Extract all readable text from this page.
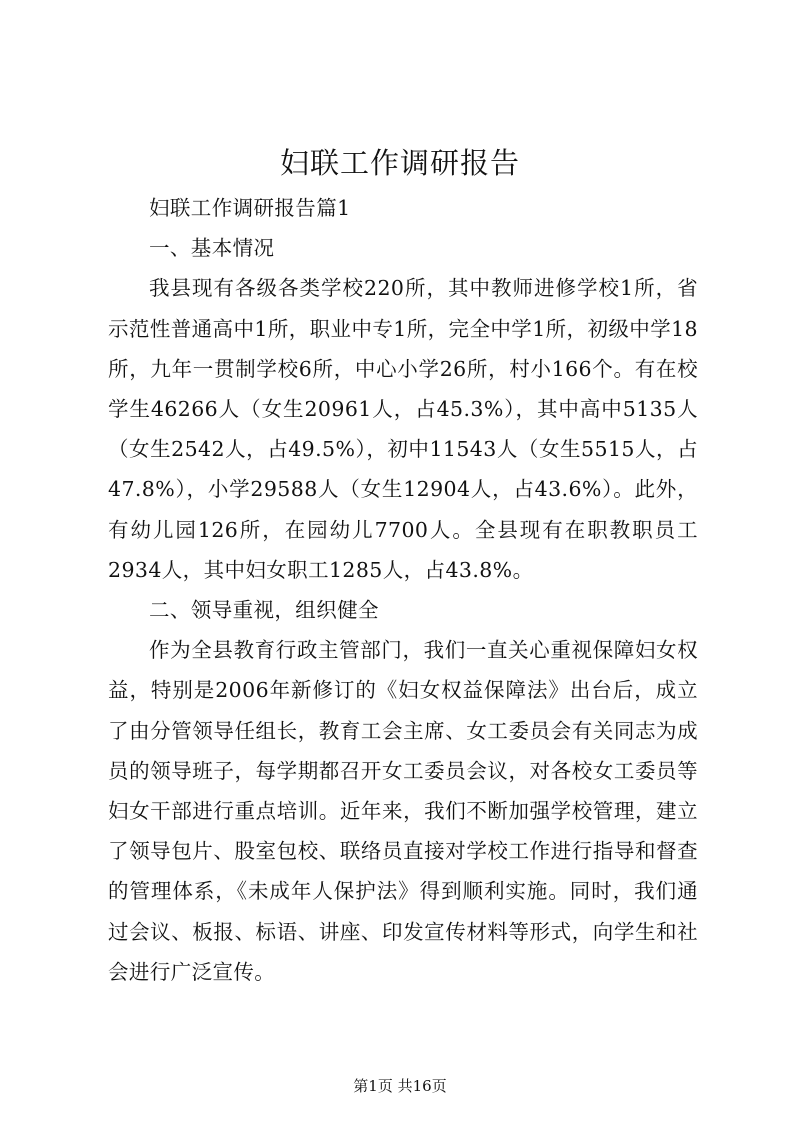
妇联工作调研报告

妇联工作调研报告篇1

一、基本情况

我县现有各级各类学校220所，其中教师进修学校1所，省示范性普通高中1所，职业中专1所，完全中学1所，初级中学18所，九年一贯制学校6所，中心小学26所，村小166个。有在校学生46266人（女生20961人，占45.3%），其中高中5135人（女生2542人，占49.5%），初中11543人（女生5515人，占47.8%），小学29588人（女生12904人，占43.6%）。此外，有幼儿园126所，在园幼儿7700人。全县现有在职教职员工2934人，其中妇女职工1285人，占43.8%。

二、领导重视，组织健全

作为全县教育行政主管部门，我们一直关心重视保障妇女权益，特别是2006年新修订的《妇女权益保障法》出台后，成立了由分管领导任组长，教育工会主席、女工委员会有关同志为成员的领导班子，每学期都召开女工委员会议，对各校女工委员等妇女干部进行重点培训。近年来，我们不断加强学校管理，建立了领导包片、股室包校、联络员直接对学校工作进行指导和督查的管理体系，《未成年人保护法》得到顺利实施。同时，我们通过会议、板报、标语、讲座、印发宣传材料等形式，向学生和社会进行广泛宣传。

第1页 共16页
